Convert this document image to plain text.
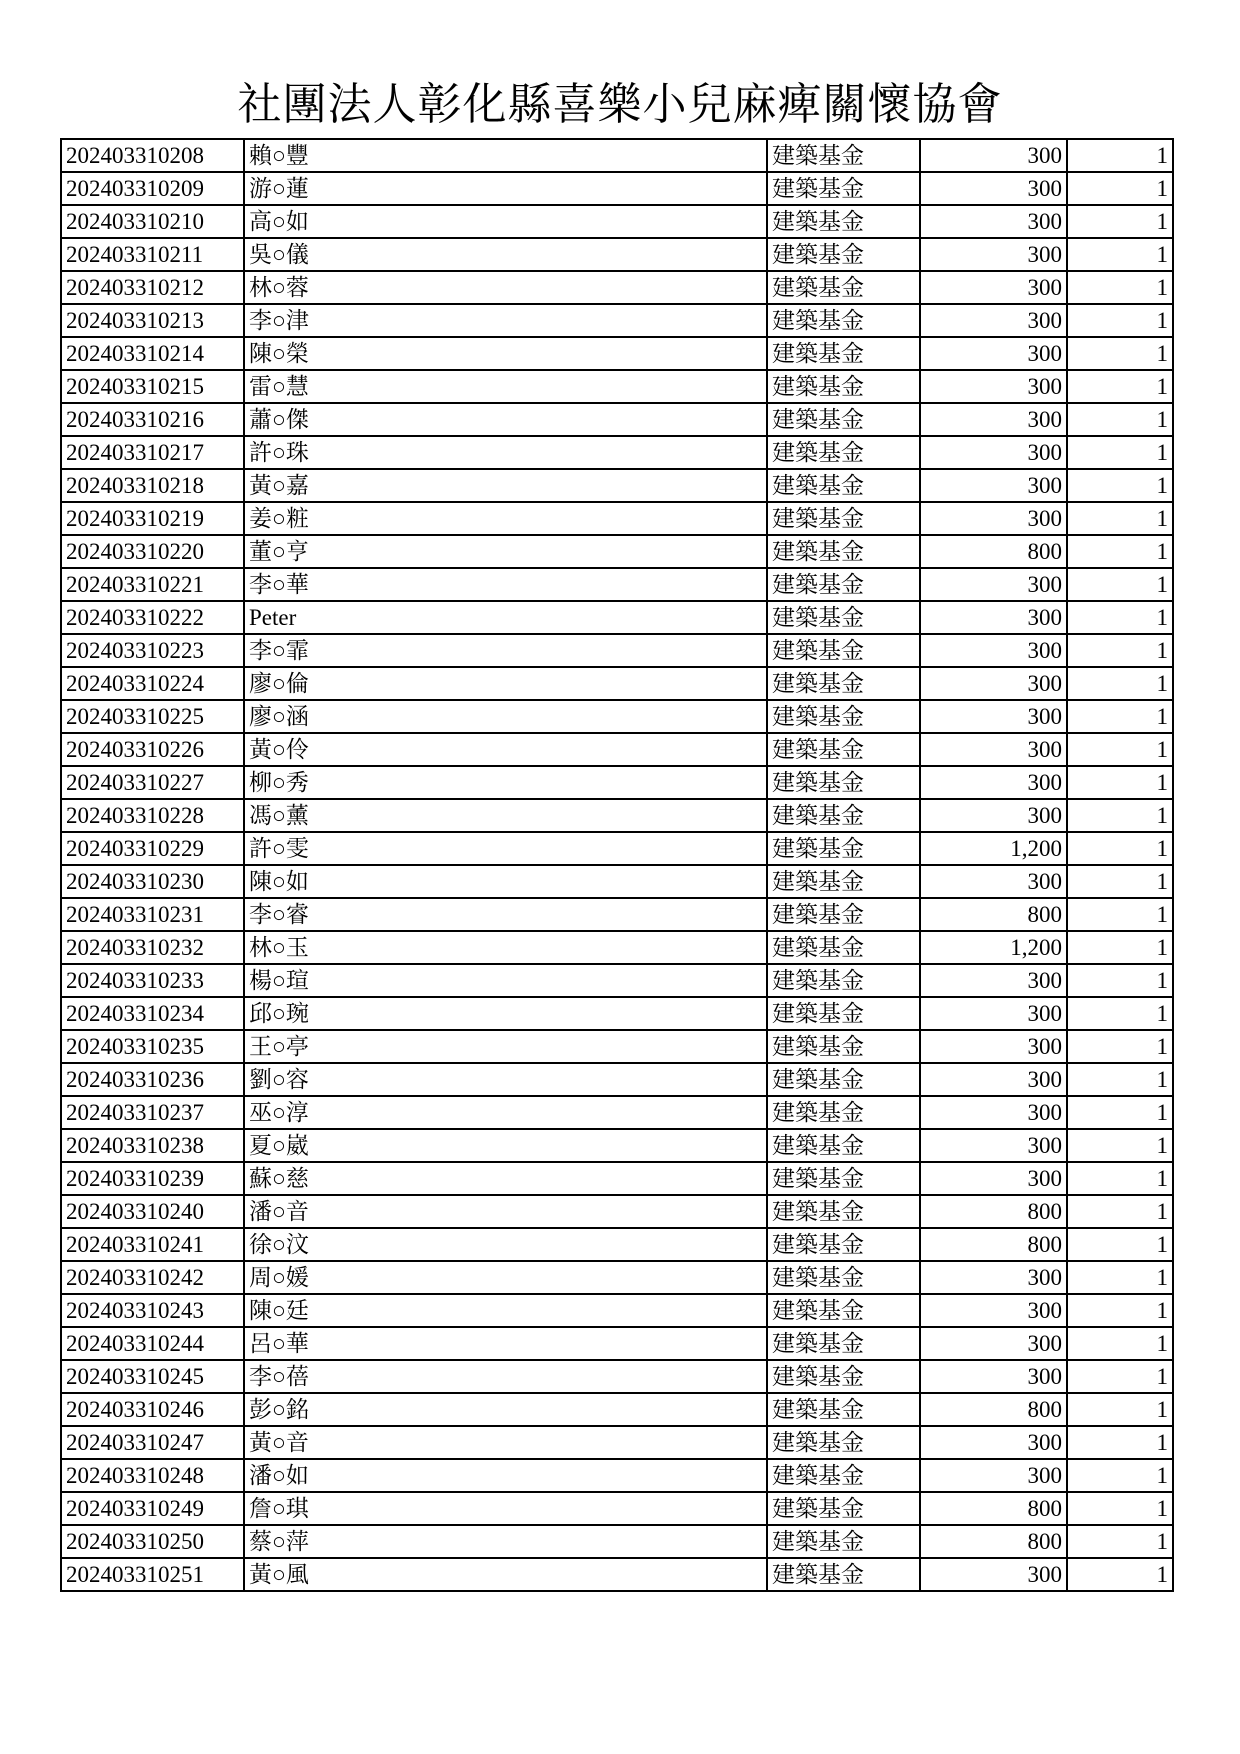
社團法人彰化縣喜樂小兒麻痺關懷協會
202403310208	賴○豐	建築基金	300	1
202403310209	游○蓮	建築基金	300	1
202403310210	高○如	建築基金	300	1
202403310211	吳○儀	建築基金	300	1
202403310212	林○蓉	建築基金	300	1
202403310213	李○津	建築基金	300	1
202403310214	陳○榮	建築基金	300	1
202403310215	雷○慧	建築基金	300	1
202403310216	蕭○傑	建築基金	300	1
202403310217	許○珠	建築基金	300	1
202403310218	黃○嘉	建築基金	300	1
202403310219	姜○粧	建築基金	300	1
202403310220	董○亨	建築基金	800	1
202403310221	李○華	建築基金	300	1
202403310222	Peter	建築基金	300	1
202403310223	李○霏	建築基金	300	1
202403310224	廖○倫	建築基金	300	1
202403310225	廖○涵	建築基金	300	1
202403310226	黃○伶	建築基金	300	1
202403310227	柳○秀	建築基金	300	1
202403310228	馮○薰	建築基金	300	1
202403310229	許○雯	建築基金	1,200	1
202403310230	陳○如	建築基金	300	1
202403310231	李○睿	建築基金	800	1
202403310232	林○玉	建築基金	1,200	1
202403310233	楊○瑄	建築基金	300	1
202403310234	邱○琬	建築基金	300	1
202403310235	王○亭	建築基金	300	1
202403310236	劉○容	建築基金	300	1
202403310237	巫○淳	建築基金	300	1
202403310238	夏○崴	建築基金	300	1
202403310239	蘇○慈	建築基金	300	1
202403310240	潘○音	建築基金	800	1
202403310241	徐○汶	建築基金	800	1
202403310242	周○媛	建築基金	300	1
202403310243	陳○廷	建築基金	300	1
202403310244	呂○華	建築基金	300	1
202403310245	李○蓓	建築基金	300	1
202403310246	彭○銘	建築基金	800	1
202403310247	黃○音	建築基金	300	1
202403310248	潘○如	建築基金	300	1
202403310249	詹○琪	建築基金	800	1
202403310250	蔡○萍	建築基金	800	1
202403310251	黃○風	建築基金	300	1
